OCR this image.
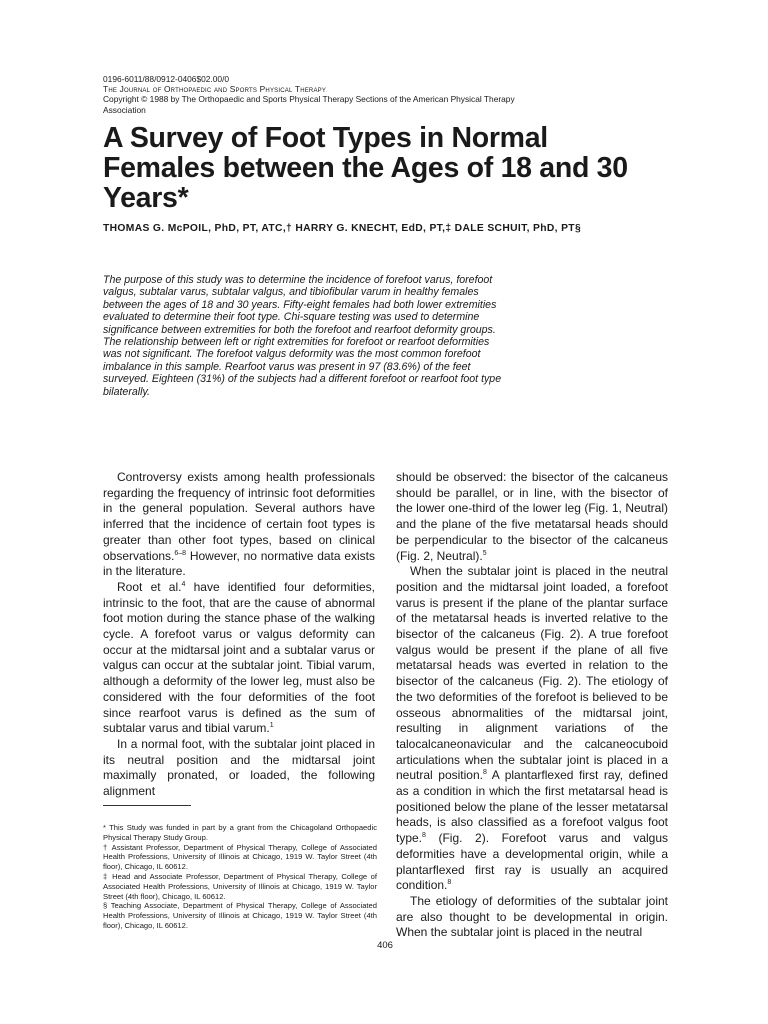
0196-6011/88/0912-0406$02.00/0
The Journal of Orthopaedic and Sports Physical Therapy
Copyright © 1988 by The Orthopaedic and Sports Physical Therapy Sections of the American Physical Therapy Association
A Survey of Foot Types in Normal Females between the Ages of 18 and 30 Years*
THOMAS G. McPOIL, PhD, PT, ATC,† HARRY G. KNECHT, EdD, PT,‡ DALE SCHUIT, PhD, PT§
The purpose of this study was to determine the incidence of forefoot varus, forefoot valgus, subtalar varus, subtalar valgus, and tibiofibular varum in healthy females between the ages of 18 and 30 years. Fifty-eight females had both lower extremities evaluated to determine their foot type. Chi-square testing was used to determine significance between extremities for both the forefoot and rearfoot deformity groups. The relationship between left or right extremities for forefoot or rearfoot deformities was not significant. The forefoot valgus deformity was the most common forefoot imbalance in this sample. Rearfoot varus was present in 97 (83.6%) of the feet surveyed. Eighteen (31%) of the subjects had a different forefoot or rearfoot foot type bilaterally.

Controversy exists among health professionals regarding the frequency of intrinsic foot deformities in the general population. Several authors have inferred that the incidence of certain foot types is greater than other foot types, based on clinical observations.$^{6-8}$ However, no normative data exists in the literature.

Root et al.$^4$ have identified four deformities, intrinsic to the foot, that are the cause of abnormal foot motion during the stance phase of the walking cycle. A forefoot varus or valgus deformity can occur at the midtarsal joint and a subtalar varus or valgus can occur at the subtalar joint. Tibial varum, although a deformity of the lower leg, must also be considered with the four deformities of the foot since rearfoot varus is defined as the sum of subtalar varus and tibial varum.$^1$

In a normal foot, with the subtalar joint placed in its neutral position and the midtarsal joint maximally pronated, or loaded, the following alignment

* This Study was funded in part by a grant from the Chicagoland Orthopaedic Physical Therapy Study Group.

† Assistant Professor, Department of Physical Therapy, College of Associated Health Professions, University of Illinois at Chicago, 1919 W. Taylor Street (4th floor), Chicago, IL 60612.

‡ Head and Associate Professor, Department of Physical Therapy, College of Associated Health Professions, University of Illinois at Chicago, 1919 W. Taylor Street (4th floor), Chicago, IL 60612.

§ Teaching Associate, Department of Physical Therapy, College of Associated Health Professions, University of Illinois at Chicago, 1919 W. Taylor Street (4th floor), Chicago, IL 60612.

should be observed: the bisector of the calcaneus should be parallel, or in line, with the bisector of the lower one-third of the lower leg (Fig. 1, Neutral) and the plane of the five metatarsal heads should be perpendicular to the bisector of the calcaneus (Fig. 2, Neutral).$^5$

When the subtalar joint is placed in the neutral position and the midtarsal joint loaded, a forefoot varus is present if the plane of the plantar surface of the metatarsal heads is inverted relative to the bisector of the calcaneus (Fig. 2). A true forefoot valgus would be present if the plane of all five metatarsal heads was everted in relation to the bisector of the calcaneus (Fig. 2). The etiology of the two deformities of the forefoot is believed to be osseous abnormalities of the midtarsal joint, resulting in alignment variations of the talocalcaneonavicular and the calcaneocuboid articulations when the subtalar joint is placed in a neutral position.$^8$ A plantarflexed first ray, defined as a condition in which the first metatarsal head is positioned below the plane of the lesser metatarsal heads, is also classified as a forefoot valgus foot type.$^8$ (Fig. 2). Forefoot varus and valgus deformities have a developmental origin, while a plantarflexed first ray is usually an acquired condition.$^8$

The etiology of deformities of the subtalar joint are also thought to be developmental in origin. When the subtalar joint is placed in the neutral

406
